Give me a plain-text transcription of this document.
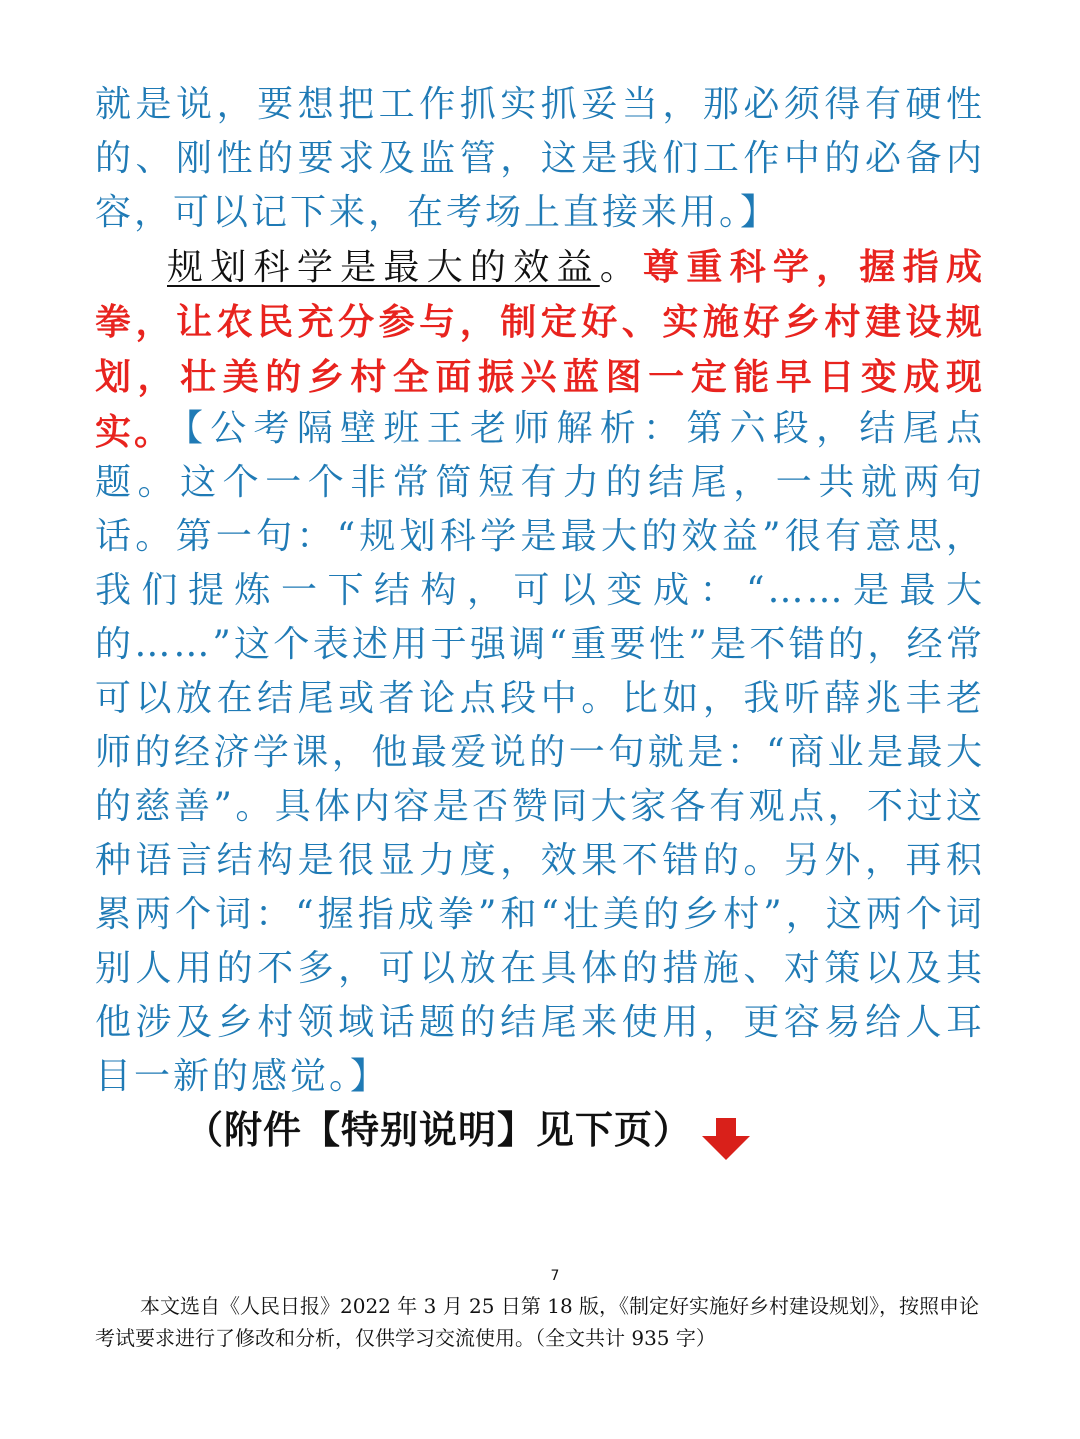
就是说，要想把工作抓实抓妥当，那必须得有硬性的、刚性的要求及监管，这是我们工作中的必备内容，可以记下来，在考场上直接来用。】

规划科学是最大的效益。尊重科学，握指成拳，让农民充分参与，制定好、实施好乡村建设规划，壮美的乡村全面振兴蓝图一定能早日变成现实。

【公考隔壁班王老师解析：第六段，结尾点题。这个一个非常简短有力的结尾，一共就两句话。第一句：“规划科学是最大的效益”很有意思，我们提炼一下结构，可以变成：“……是最大的……”这个表述用于强调“重要性”是不错的，经常可以放在结尾或者论点段中。比如，我听薛兆丰老师的经济学课，他最爱说的一句就是：“商业是最大的慈善”。具体内容是否赞同大家各有观点，不过这种语言结构是很显力度，效果不错的。另外，再积累两个词：“握指成拳”和“壮美的乡村”，这两个词别人用的不多，可以放在具体的措施、对策以及其他涉及乡村领域话题的结尾来使用，更容易给人耳目一新的感觉。】

（附件【特别说明】见下页）
7

本文选自《人民日报》2022 年 3 月 25 日第 18 版，《制定好实施好乡村建设规划》，按照申论考试要求进行了修改和分析，仅供学习交流使用。（全文共计 935 字）
